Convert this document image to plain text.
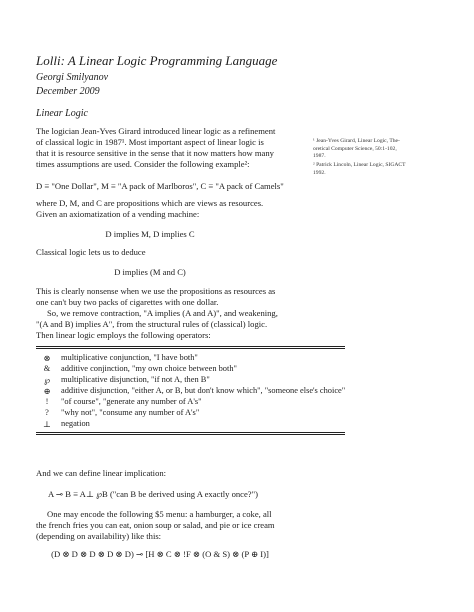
Lolli: A Linear Logic Programming Language
Georgi Smilyanov
December 2009
Linear Logic
The logician Jean-Yves Girard introduced linear logic as a refinement
of classical logic in 1987¹. Most important aspect of linear logic is
that it is resource sensitive in the sense that it now matters how many
times assumptions are used. Consider the following example²:
¹ Jean-Yves Girard, Linear Logic, The-
oretical Computer Science, 50:1-102,
1987.
² Patrick Lincoln, Linear Logic, SIGACT
1992.
D ≡ "One Dollar", M ≡ "A pack of Marlboros", C ≡ "A pack of Camels"
where D, M, and C are propositions which are views as resources.
Given an axiomatization of a vending machine:
D implies M, D implies C
Classical logic lets us to deduce
D implies (M and C)
This is clearly nonsense when we use the propositions as resources as
one can't buy two packs of cigarettes with one dollar.
So, we remove contraction, "A implies (A and A)", and weakening,
"(A and B) implies A", from the structural rules of (classical) logic.
Then linear logic employs the following operators:
⊗	multiplicative conjunction, "I have both"
&	additive conjinction, "my own choice between both"
℘	multiplicative disjunction, "if not A, then B"
⊕	additive disjunction, "either A, or B, but don't know which", "someone else's choice"
!	"of course", "generate any number of A's"
?	"why not", "consume any number of A's"
⊥	negation
And we can define linear implication:
A ⊸ B ≡ A⊥ ℘B ("can B be derived using A exactly once?")
One may encode the following $5 menu: a hamburger, a coke, all
the french fries you can eat, onion soup or salad, and pie or ice cream
(depending on availability) like this:
(D ⊗ D ⊗ D ⊗ D ⊗ D) ⊸ [H ⊗ C ⊗ !F ⊗ (O & S) ⊗ (P ⊕ I)]
